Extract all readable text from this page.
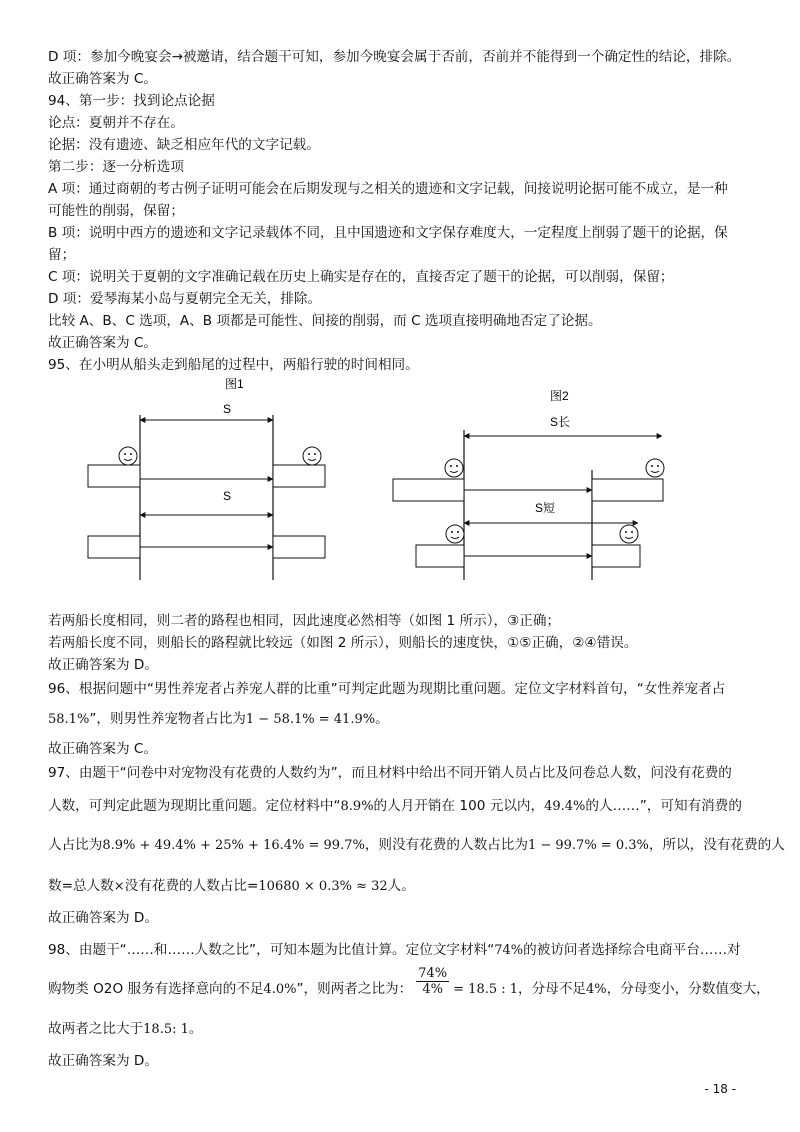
D 项：参加今晚宴会→被邀请，结合题干可知，参加今晚宴会属于否前，否前并不能得到一个确定性的结论，排除。
故正确答案为 C。
94、第一步：找到论点论据
论点：夏朝并不存在。
论据：没有遗迹、缺乏相应年代的文字记载。
第二步：逐一分析选项
A 项：通过商朝的考古例子证明可能会在后期发现与之相关的遗迹和文字记载，间接说明论据可能不成立，是一种
可能性的削弱，保留；
B 项：说明中西方的遗迹和文字记录载体不同，且中国遗迹和文字保存难度大，一定程度上削弱了题干的论据，保
留；
C 项：说明关于夏朝的文字准确记载在历史上确实是存在的，直接否定了题干的论据，可以削弱，保留；
D 项：爱琴海某小岛与夏朝完全无关，排除。
比较 A、B、C 选项，A、B 项都是可能性、间接的削弱，而 C 选项直接明确地否定了论据。
故正确答案为 C。
95、在小明从船头走到船尾的过程中，两船行驶的时间相同。
图1
S
S
图2
S长
S短
若两船长度相同，则二者的路程也相同，因此速度必然相等（如图 1 所示），③正确；
若两船长度不同，则船长的路程就比较远（如图 2 所示），则船长的速度快，①⑤正确，②④错误。
故正确答案为 D。
96、根据问题中“男性养宠者占养宠人群的比重”可判定此题为现期比重问题。定位文字材料首句，“女性养宠者占
58.1%”，则男性养宠物者占比为1 − 58.1% = 41.9%。
故正确答案为 C。
97、由题干“问卷中对宠物没有花费的人数约为”，而且材料中给出不同开销人员占比及问卷总人数，问没有花费的
人数，可判定此题为现期比重问题。定位材料中“8.9%的人月开销在 100 元以内，49.4%的人……”，可知有消费的
人占比为8.9% + 49.4% + 25% + 16.4% = 99.7%，则没有花费的人数占比为1 − 99.7% = 0.3%，所以，没有花费的人
数=总人数×没有花费的人数占比=10680 × 0.3% ≈ 32人。
故正确答案为 D。
98、由题干“……和……人数之比”，可知本题为比值计算。定位文字材料“74%的被访问者选择综合电商平台……对
购物类 O2O 服务有选择意向的不足4.0%”，则两者之比为： $\frac{74\%}{4\%} = 18.5$ : 1，分母不足4%，分母变小，分数值变大，
故两者之比大于18.5: 1。
故正确答案为 D。
- 18 -
